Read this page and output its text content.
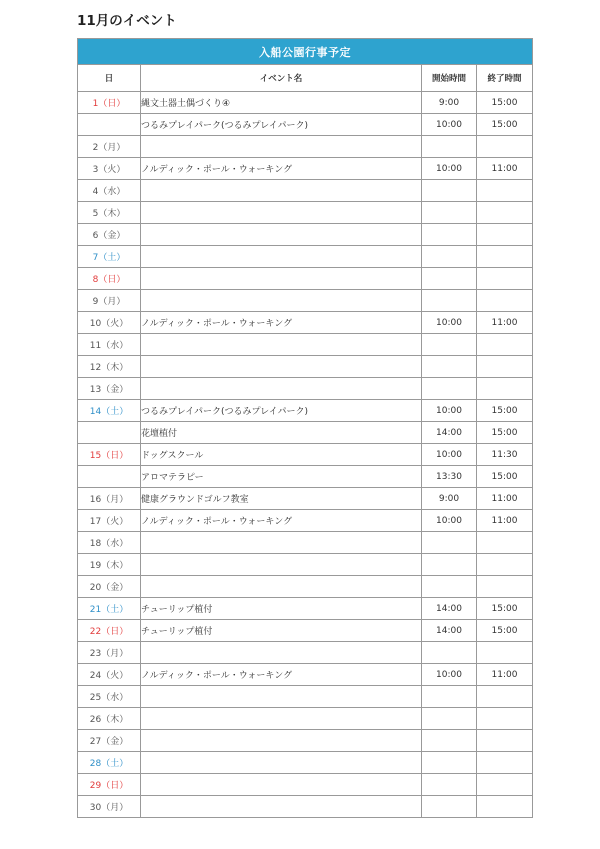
11月のイベント
入船公園行事予定			
日	イベント名	開始時間	終了時間
1（日）	縄文土器土偶づくり④	9:00	15:00
	つるみプレイパーク(つるみプレイパーク)	10:00	15:00
2（月）			
3（火）	ノルディック・ポール・ウォーキング	10:00	11:00
4（水）			
5（木）			
6（金）			
7（土）			
8（日）			
9（月）			
10（火）	ノルディック・ポール・ウォーキング	10:00	11:00
11（水）			
12（木）			
13（金）			
14（土）	つるみプレイパーク(つるみプレイパーク)	10:00	15:00
	花壇植付	14:00	15:00
15（日）	ドッグスクール	10:00	11:30
	アロマテラピー	13:30	15:00
16（月）	健康グラウンドゴルフ教室	9:00	11:00
17（火）	ノルディック・ポール・ウォーキング	10:00	11:00
18（水）			
19（木）			
20（金）			
21（土）	チューリップ植付	14:00	15:00
22（日）	チューリップ植付	14:00	15:00
23（月）			
24（火）	ノルディック・ポール・ウォーキング	10:00	11:00
25（水）			
26（木）			
27（金）			
28（土）			
29（日）			
30（月）			
